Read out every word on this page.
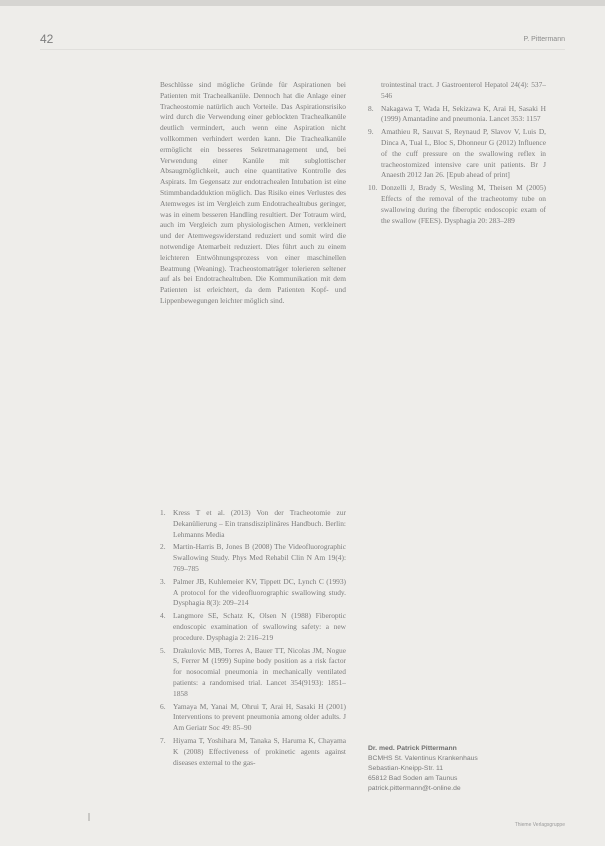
42	P. Pittermann

Beschlüsse sind mögliche Gründe für Aspirationen bei Patienten mit Trachealkanüle. Dennoch hat die Anlage einer Tracheostomie natürlich auch Vorteile. Das Aspirationsrisiko wird durch die Verwendung einer geblockten Trachealkanüle deutlich vermindert, auch wenn eine Aspiration nicht vollkommen verhindert werden kann. Die Trachealkanüle ermöglicht ein besseres Sekretmanagement und, bei Verwendung einer Kanüle mit subglottischer Absaugmöglichkeit, auch eine quantitative Kontrolle des Aspirats. Im Gegensatz zur endotrachealen Intubation ist eine Stimmbandadduktion möglich. Das Risiko eines Verlustes des Atemweges ist im Vergleich zum Endotrachealtubus geringer, was in einem besseren Handling resultiert. Der Totraum wird, auch im Vergleich zum physiologischen Atmen, verkleinert und der Atemwegswiderstand reduziert und somit wird die notwendige Atemarbeit reduziert. Dies führt auch zu einem leichteren Entwöhnungsprozess von einer maschinellen Beatmung (Weaning). Tracheostomaträger tolerieren seltener auf als bei Endotrachealtuben. Die Kommunikation mit dem Patienten ist erleichtert, da dem Patienten Kopf- und Lippenbewegungen leichter möglich sind.

trointestinal tract. J Gastroenterol Hepatol 24(4): 537–546
8. Nakagawa T, Wada H, Sekizawa K, Arai H, Sasaki H (1999) Amantadine and pneumonia. Lancet 353: 1157
9. Amathieu R, Sauvat S, Reynaud P, Slavov V, Luis D, Dinca A, Tual L, Bloc S, Dhonneur G (2012) Influence of the cuff pressure on the swallowing reflex in tracheostomized intensive care unit patients. Br J Anaesth 2012 Jan 26. [Epub ahead of print]
10. Donzelli J, Brady S, Wesling M, Theisen M (2005) Effects of the removal of the tracheotomy tube on swallowing during the fiberoptic endoscopic exam of the swallow (FEES). Dysphagia 20: 283–289
1. Kress T et al. (2013) Von der Tracheotomie zur Dekanülierung – Ein transdisziplinäres Handbuch. Berlin: Lehmanns Media
2. Martin-Harris B, Jones B (2008) The Videofluorographic Swallowing Study. Phys Med Rehabil Clin N Am 19(4): 769–785
3. Palmer JB, Kuhlemeier KV, Tippett DC, Lynch C (1993) A protocol for the videofluorographic swallowing study. Dysphagia 8(3): 209–214
4. Langmore SE, Schatz K, Olsen N (1988) Fiberoptic endoscopic examination of swallowing safety: a new procedure. Dysphagia 2: 216–219
5. Drakulovic MB, Torres A, Bauer TT, Nicolas JM, Nogue S, Ferrer M (1999) Supine body position as a risk factor for nosocomial pneumonia in mechanically ventilated patients: a randomised trial. Lancet 354(9193): 1851–1858
6. Yamaya M, Yanai M, Ohrui T, Arai H, Sasaki H (2001) Interventions to prevent pneumonia among older adults. J Am Geriatr Soc 49: 85–90
7. Hiyama T, Yoshihara M, Tanaka S, Haruma K, Chayama K (2008) Effectiveness of prokinetic agents against diseases external to the gas-
Dr. med. Patrick Pittermann
BCMHS St. Valentinus Krankenhaus
Sebastian-Kneipp-Str. 11
65812 Bad Soden am Taunus
patrick.pittermann@t-online.de
Thieme Verlagsgruppe
